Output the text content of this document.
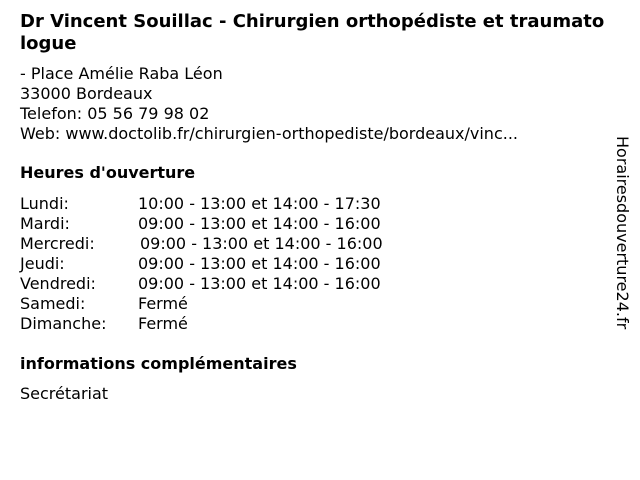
Dr Vincent Souillac - Chirurgien orthopédiste et traumatologue
- Place Amélie Raba Léon
33000 Bordeaux
Telefon: 05 56 79 98 02
Web: www.doctolib.fr/chirurgien-orthopediste/bordeaux/vinc...
Heures d'ouverture
Lundi:	10:00 - 13:00 et 14:00 - 17:30
Mardi:	09:00 - 13:00 et 14:00 - 16:00
Mercredi:	09:00 - 13:00 et 14:00 - 16:00
Jeudi:	09:00 - 13:00 et 14:00 - 16:00
Vendredi:	09:00 - 13:00 et 14:00 - 16:00
Samedi:	Fermé
Dimanche: Fermé
informations complémentaires
Secrétariat
Horairesdouverture24.fr
